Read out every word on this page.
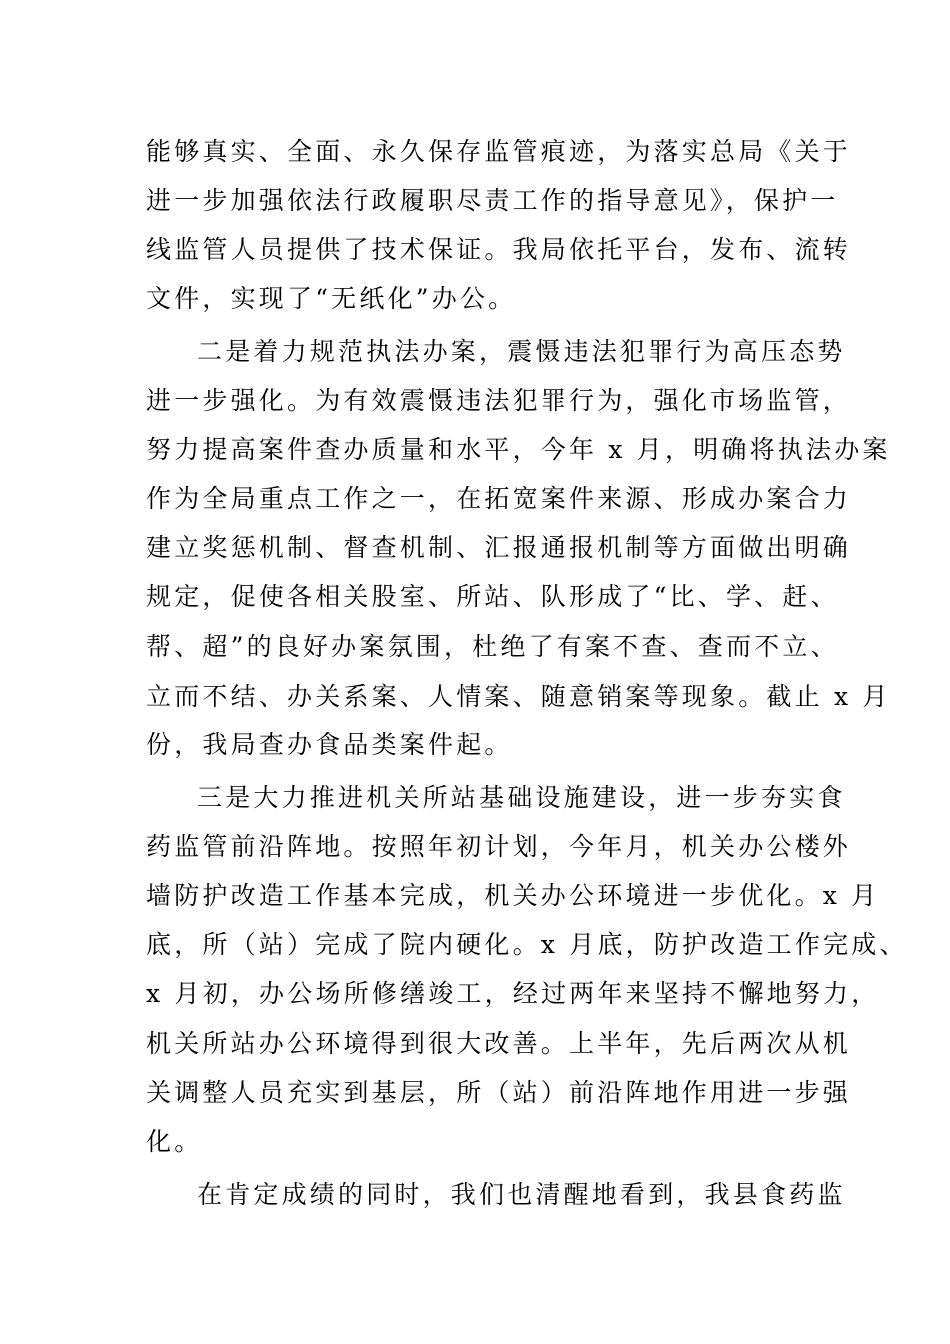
能够真实、全面、永久保存监管痕迹，为落实总局《关于
进一步加强依法行政履职尽责工作的指导意见》，保护一
线监管人员提供了技术保证。我局依托平台，发布、流转
文件，实现了“无纸化”办公。
二是着力规范执法办案，震慑违法犯罪行为高压态势
进一步强化。为有效震慑违法犯罪行为，强化市场监管，
努力提高案件查办质量和水平，今年 x 月，明确将执法办案
作为全局重点工作之一，在拓宽案件来源、形成办案合力
建立奖惩机制、督查机制、汇报通报机制等方面做出明确
规定，促使各相关股室、所站、队形成了“比、学、赶、
帮、超”的良好办案氛围，杜绝了有案不查、查而不立、
立而不结、办关系案、人情案、随意销案等现象。截止 x 月
份，我局查办食品类案件起。
三是大力推进机关所站基础设施建设，进一步夯实食
药监管前沿阵地。按照年初计划，今年月，机关办公楼外
墙防护改造工作基本完成，机关办公环境进一步优化。x 月
底，所（站）完成了院内硬化。x 月底，防护改造工作完成、
x 月初，办公场所修缮竣工，经过两年来坚持不懈地努力，
机关所站办公环境得到很大改善。上半年，先后两次从机
关调整人员充实到基层，所（站）前沿阵地作用进一步强
化。
在肯定成绩的同时，我们也清醒地看到，我县食药监
